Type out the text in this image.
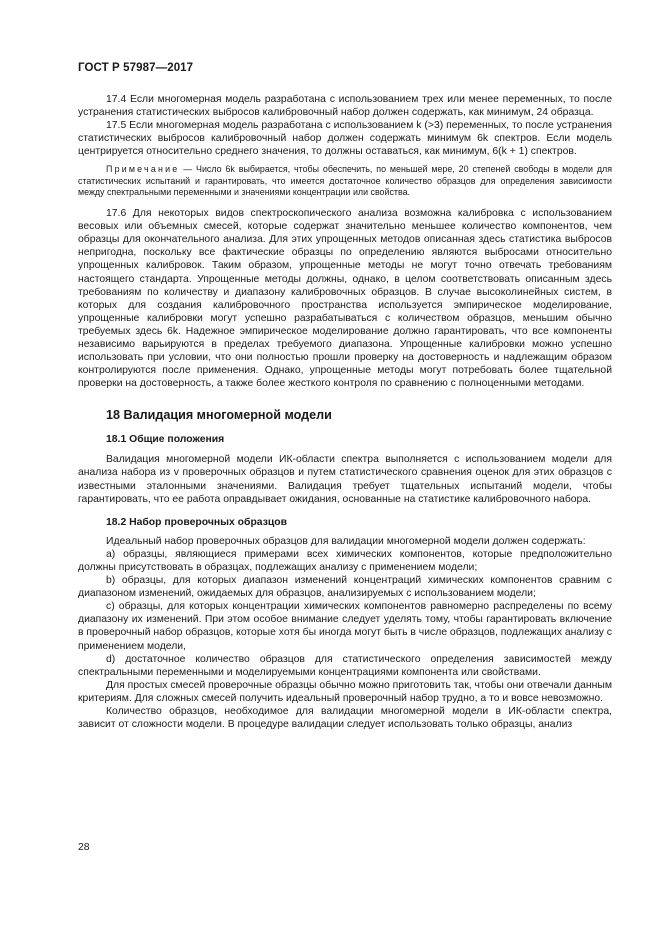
ГОСТ Р 57987—2017

17.4 Если многомерная модель разработана с использованием трех или менее переменных, то после устранения статистических выбросов калибровочный набор должен содержать, как минимум, 24 образца.

17.5 Если многомерная модель разработана с использованием k (>3) переменных, то после устранения статистических выбросов калибровочный набор должен содержать минимум 6k спектров. Если модель центрируется относительно среднего значения, то должны оставаться, как минимум, 6(k + 1) спектров.

Примечание — Число 6k выбирается, чтобы обеспечить, по меньшей мере, 20 степеней свободы в модели для статистических испытаний и гарантировать, что имеется достаточное количество образцов для определения зависимости между спектральными переменными и значениями концентрации или свойства.

17.6 Для некоторых видов спектроскопического анализа возможна калибровка с использованием весовых или объемных смесей, которые содержат значительно меньшее количество компонентов, чем образцы для окончательного анализа. Для этих упрощенных методов описанная здесь статистика выбросов непригодна, поскольку все фактические образцы по определению являются выбросами относительно упрощенных калибровок. Таким образом, упрощенные методы не могут точно отвечать требованиям настоящего стандарта. Упрощенные методы должны, однако, в целом соответствовать описанным здесь требованиям по количеству и диапазону калибровочных образцов. В случае высоколинейных систем, в которых для создания калибровочного пространства используется эмпирическое моделирование, упрощенные калибровки могут успешно разрабатываться с количеством образцов, меньшим обычно требуемых здесь 6k. Надежное эмпирическое моделирование должно гарантировать, что все компоненты независимо варьируются в пределах требуемого диапазона. Упрощенные калибровки можно успешно использовать при условии, что они полностью прошли проверку на достоверность и надлежащим образом контролируются после применения. Однако, упрощенные методы могут потребовать более тщательной проверки на достоверность, а также более жесткого контроля по сравнению с полноценными методами.

18 Валидация многомерной модели

18.1 Общие положения

Валидация многомерной модели ИК-области спектра выполняется с использованием модели для анализа набора из v проверочных образцов и путем статистического сравнения оценок для этих образцов с известными эталонными значениями. Валидация требует тщательных испытаний модели, чтобы гарантировать, что ее работа оправдывает ожидания, основанные на статистике калибровочного набора.

18.2 Набор проверочных образцов

Идеальный набор проверочных образцов для валидации многомерной модели должен содержать:

а) образцы, являющиеся примерами всех химических компонентов, которые предположительно должны присутствовать в образцах, подлежащих анализу с применением модели;

b) образцы, для которых диапазон изменений концентраций химических компонентов сравним с диапазоном изменений, ожидаемых для образцов, анализируемых с использованием модели;

c) образцы, для которых концентрации химических компонентов равномерно распределены по всему диапазону их изменений. При этом особое внимание следует уделять тому, чтобы гарантировать включение в проверочный набор образцов, которые хотя бы иногда могут быть в числе образцов, подлежащих анализу с применением модели,

d) достаточное количество образцов для статистического определения зависимостей между спектральными переменными и моделируемыми концентрациями компонента или свойствами.

Для простых смесей проверочные образцы обычно можно приготовить так, чтобы они отвечали данным критериям. Для сложных смесей получить идеальный проверочный набор трудно, а то и вовсе невозможно.

Количество образцов, необходимое для валидации многомерной модели в ИК-области спектра, зависит от сложности модели. В процедуре валидации следует использовать только образцы, анализ

28
